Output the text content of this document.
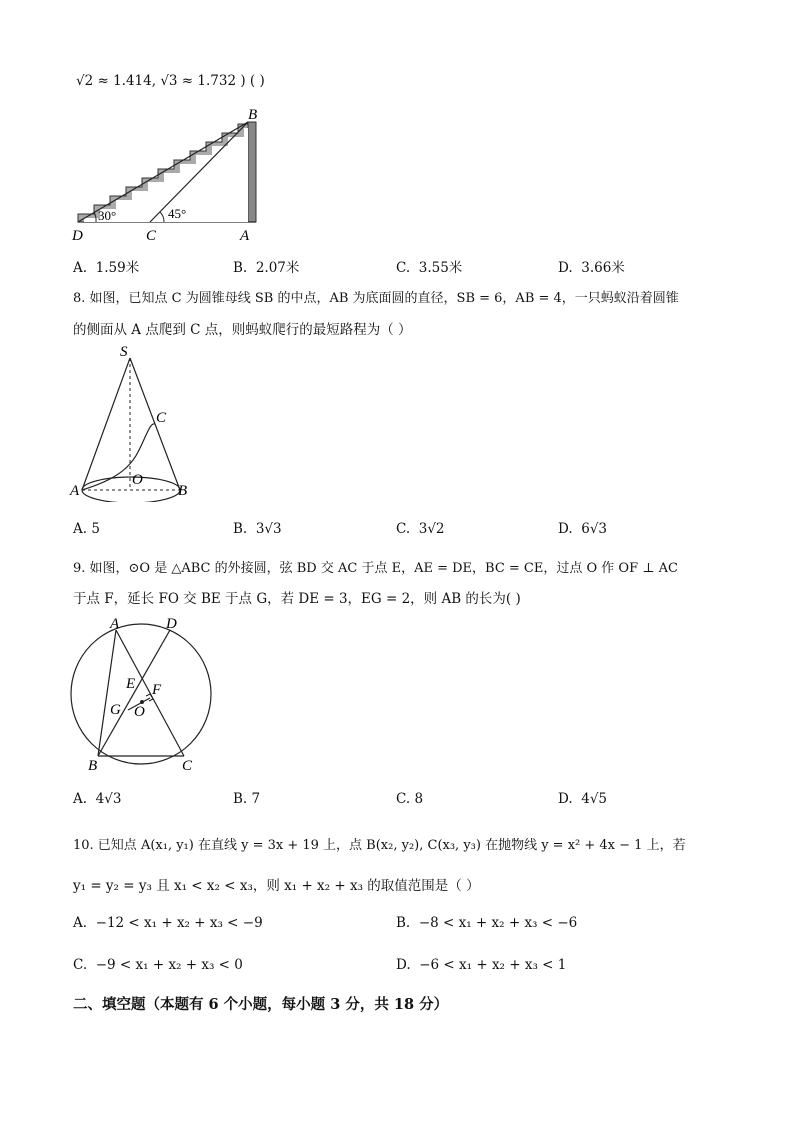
√2 ≈ 1.414, √3 ≈ 1.732 ) ( )
B
D	C	A
30°	45°
A. 1.59米	B. 2.07米	C. 3.55米	D. 3.66米
8. 如图，已知点 C 为圆锥母线 SB 的中点，AB 为底面圆的直径，SB = 6，AB = 4，一只蚂蚁沿着圆锥
的侧面从 A 点爬到 C 点，则蚂蚁爬行的最短路程为（ ）
S
C
O
A	B
A. 5	B. 3√3	C. 3√2	D. 6√3
9. 如图，⊙O 是 △ABC 的外接圆，弦 BD 交 AC 于点 E，AE = DE，BC = CE，过点 O 作 OF ⊥ AC
于点 F，延长 FO 交 BE 于点 G，若 DE = 3，EG = 2，则 AB 的长为( )
A	D
E F
G O
B	C
A. 4√3	B. 7	C. 8	D. 4√5
10. 已知点 A(x₁, y₁) 在直线 y = 3x + 19 上，点 B(x₂, y₂), C(x₃, y₃) 在抛物线 y = x² + 4x − 1 上，若
y₁ = y₂ = y₃ 且 x₁ < x₂ < x₃，则 x₁ + x₂ + x₃ 的取值范围是（ ）
A. −12 < x₁ + x₂ + x₃ < −9	B. −8 < x₁ + x₂ + x₃ < −6
C. −9 < x₁ + x₂ + x₃ < 0	D. −6 < x₁ + x₂ + x₃ < 1
二、填空题（本题有 6 个小题，每小题 3 分，共 18 分）
